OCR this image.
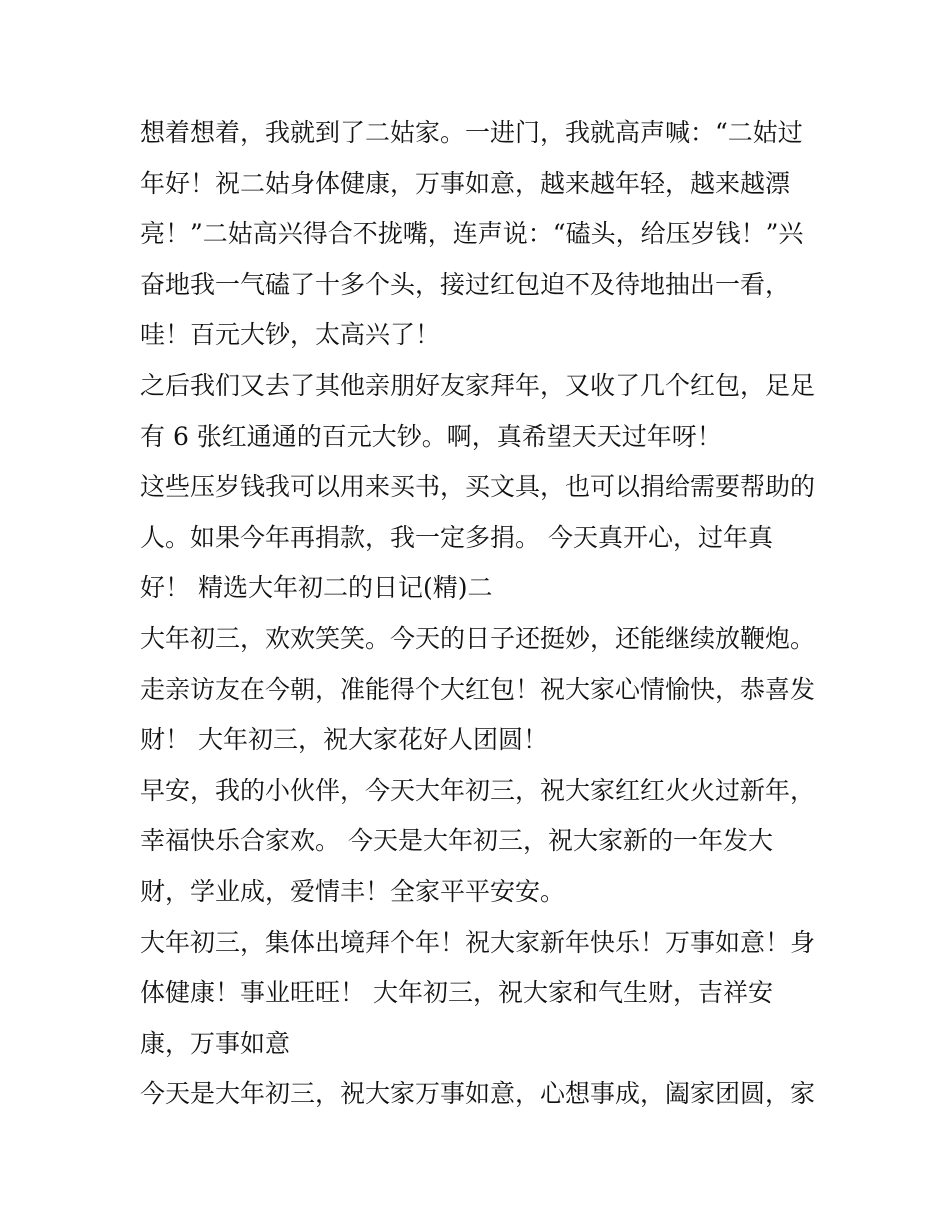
想着想着，我就到了二姑家。一进门，我就高声喊：“二姑过
年好！祝二姑身体健康，万事如意，越来越年轻，越来越漂
亮！”二姑高兴得合不拢嘴，连声说：“磕头，给压岁钱！”兴
奋地我一气磕了十多个头，接过红包迫不及待地抽出一看，
哇！百元大钞，太高兴了！
之后我们又去了其他亲朋好友家拜年，又收了几个红包，足足
有 6 张红通通的百元大钞。啊，真希望天天过年呀！
这些压岁钱我可以用来买书，买文具，也可以捐给需要帮助的
人。如果今年再捐款，我一定多捐。 今天真开心，过年真
好！ 精选大年初二的日记(精)二
大年初三，欢欢笑笑。今天的日子还挺妙，还能继续放鞭炮。
走亲访友在今朝，准能得个大红包！祝大家心情愉快，恭喜发
财！ 大年初三，祝大家花好人团圆！
早安，我的小伙伴，今天大年初三，祝大家红红火火过新年，
幸福快乐合家欢。 今天是大年初三，祝大家新的一年发大
财，学业成，爱情丰！全家平平安安。
大年初三，集体出境拜个年！祝大家新年快乐！万事如意！身
体健康！事业旺旺！ 大年初三，祝大家和气生财，吉祥安
康，万事如意
今天是大年初三，祝大家万事如意，心想事成，阖家团圆，家
